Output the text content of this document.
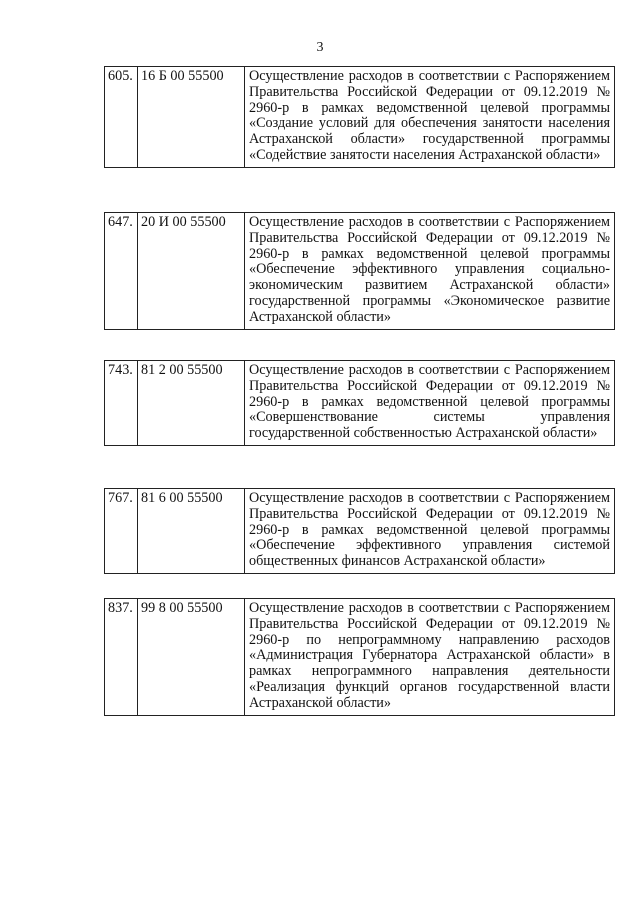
3
605.	16 Б 00 55500	Осуществление расходов в соответствии с Распоряжением Правительства Российской Федерации от 09.12.2019 № 2960-р в рамках ведомственной целевой программы «Создание условий для обеспечения занятости населения Астраханской области» государственной программы «Содействие занятости населения Астраханской области»
647.	20 И 00 55500	Осуществление расходов в соответствии с Распоряжением Правительства Российской Федерации от 09.12.2019 № 2960-р в рамках ведомственной целевой программы «Обеспечение эффективного управления социально-экономическим развитием Астраханской области» государственной программы «Экономическое развитие Астраханской области»
743.	81 2 00 55500	Осуществление расходов в соответствии с Распоряжением Правительства Российской Федерации от 09.12.2019 № 2960-р в рамках ведомственной целевой программы «Совершенствование системы управления государственной собственностью Астраханской области»
767.	81 6 00 55500	Осуществление расходов в соответствии с Распоряжением Правительства Российской Федерации от 09.12.2019 № 2960-р в рамках ведомственной целевой программы «Обеспечение эффективного управления системой общественных финансов Астраханской области»
837.	99 8 00 55500	Осуществление расходов в соответствии с Распоряжением Правительства Российской Федерации от 09.12.2019 № 2960-р по непрограммному направлению расходов «Администрация Губернатора Астраханской области» в рамках непрограммного направления деятельности «Реализация функций органов государственной власти Астраханской области»
